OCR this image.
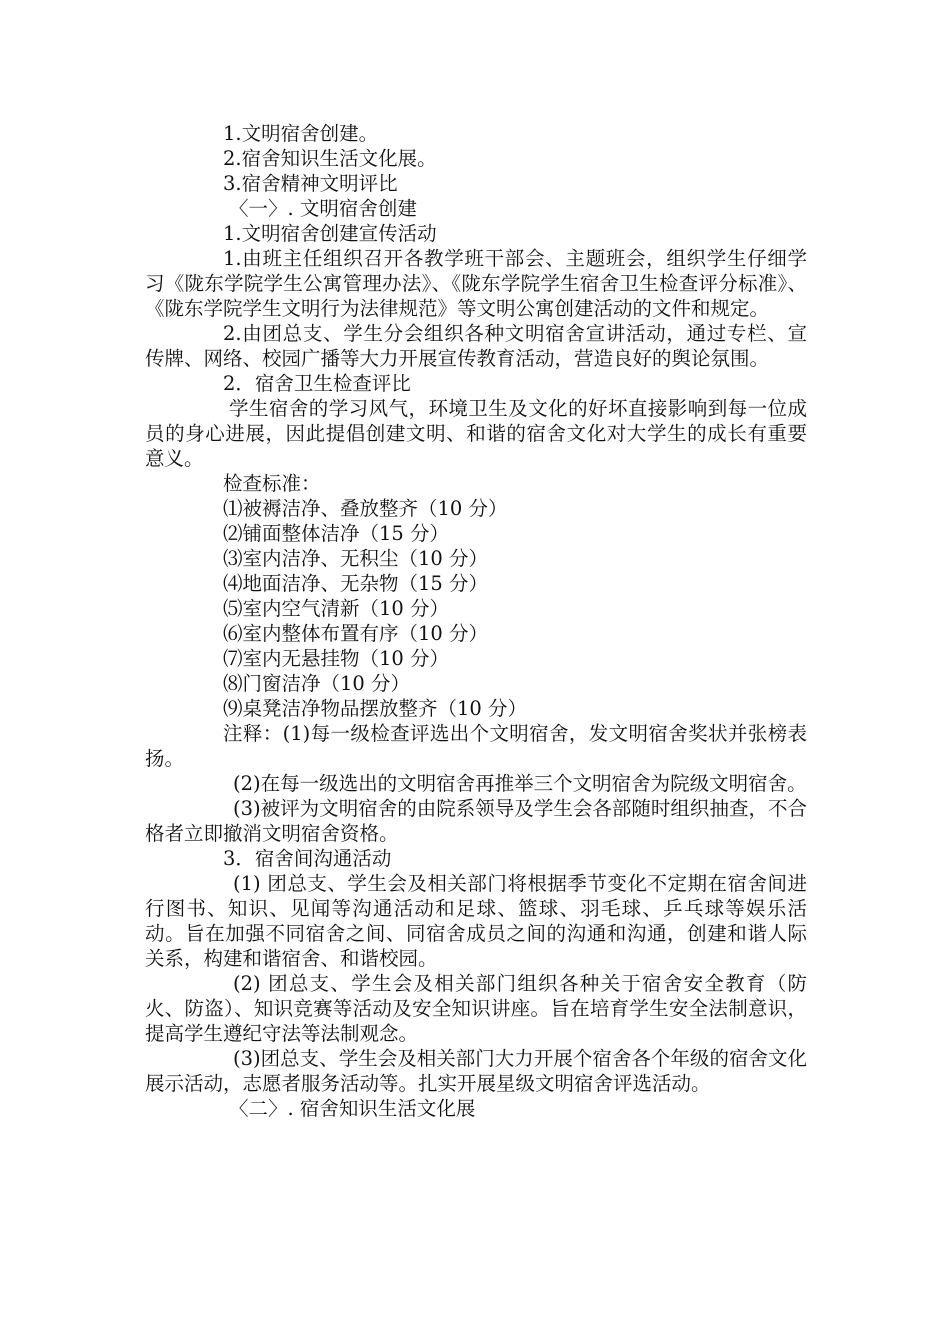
1.文明宿舍创建。

2.宿舍知识生活文化展。

3.宿舍精神文明评比

〈一〉. 文明宿舍创建

1.文明宿舍创建宣传活动

1.由班主任组织召开各教学班干部会、主题班会，组织学生仔细学习《陇东学院学生公寓管理办法》、《陇东学院学生宿舍卫生检查评分标准》、《陇东学院学生文明行为法律规范》等文明公寓创建活动的文件和规定。

2.由团总支、学生分会组织各种文明宿舍宣讲活动，通过专栏、宣传牌、网络、校园广播等大力开展宣传教育活动，营造良好的舆论氛围。

2．宿舍卫生检查评比

学生宿舍的学习风气，环境卫生及文化的好坏直接影响到每一位成员的身心进展，因此提倡创建文明、和谐的宿舍文化对大学生的成长有重要意义。

检查标准：

⑴被褥洁净、叠放整齐（10 分）

⑵铺面整体洁净（15 分）

⑶室内洁净、无积尘（10 分）

⑷地面洁净、无杂物（15 分）

⑸室内空气清新（10 分）

⑹室内整体布置有序（10 分）

⑺室内无悬挂物（10 分）

⑻门窗洁净（10 分）

⑼桌凳洁净物品摆放整齐（10 分）

注释：(1)每一级检查评选出个文明宿舍，发文明宿舍奖状并张榜表扬。

(2)在每一级选出的文明宿舍再推举三个文明宿舍为院级文明宿舍。

(3)被评为文明宿舍的由院系领导及学生会各部随时组织抽查，不合格者立即撤消文明宿舍资格。

3．宿舍间沟通活动

(1) 团总支、学生会及相关部门将根据季节变化不定期在宿舍间进行图书、知识、见闻等沟通活动和足球、篮球、羽毛球、乒乓球等娱乐活动。旨在加强不同宿舍之间、同宿舍成员之间的沟通和沟通，创建和谐人际关系，构建和谐宿舍、和谐校园。

(2) 团总支、学生会及相关部门组织各种关于宿舍安全教育（防火、防盗）、知识竞赛等活动及安全知识讲座。旨在培育学生安全法制意识，提高学生遵纪守法等法制观念。

(3)团总支、学生会及相关部门大力开展个宿舍各个年级的宿舍文化展示活动，志愿者服务活动等。扎实开展星级文明宿舍评选活动。

〈二〉. 宿舍知识生活文化展
